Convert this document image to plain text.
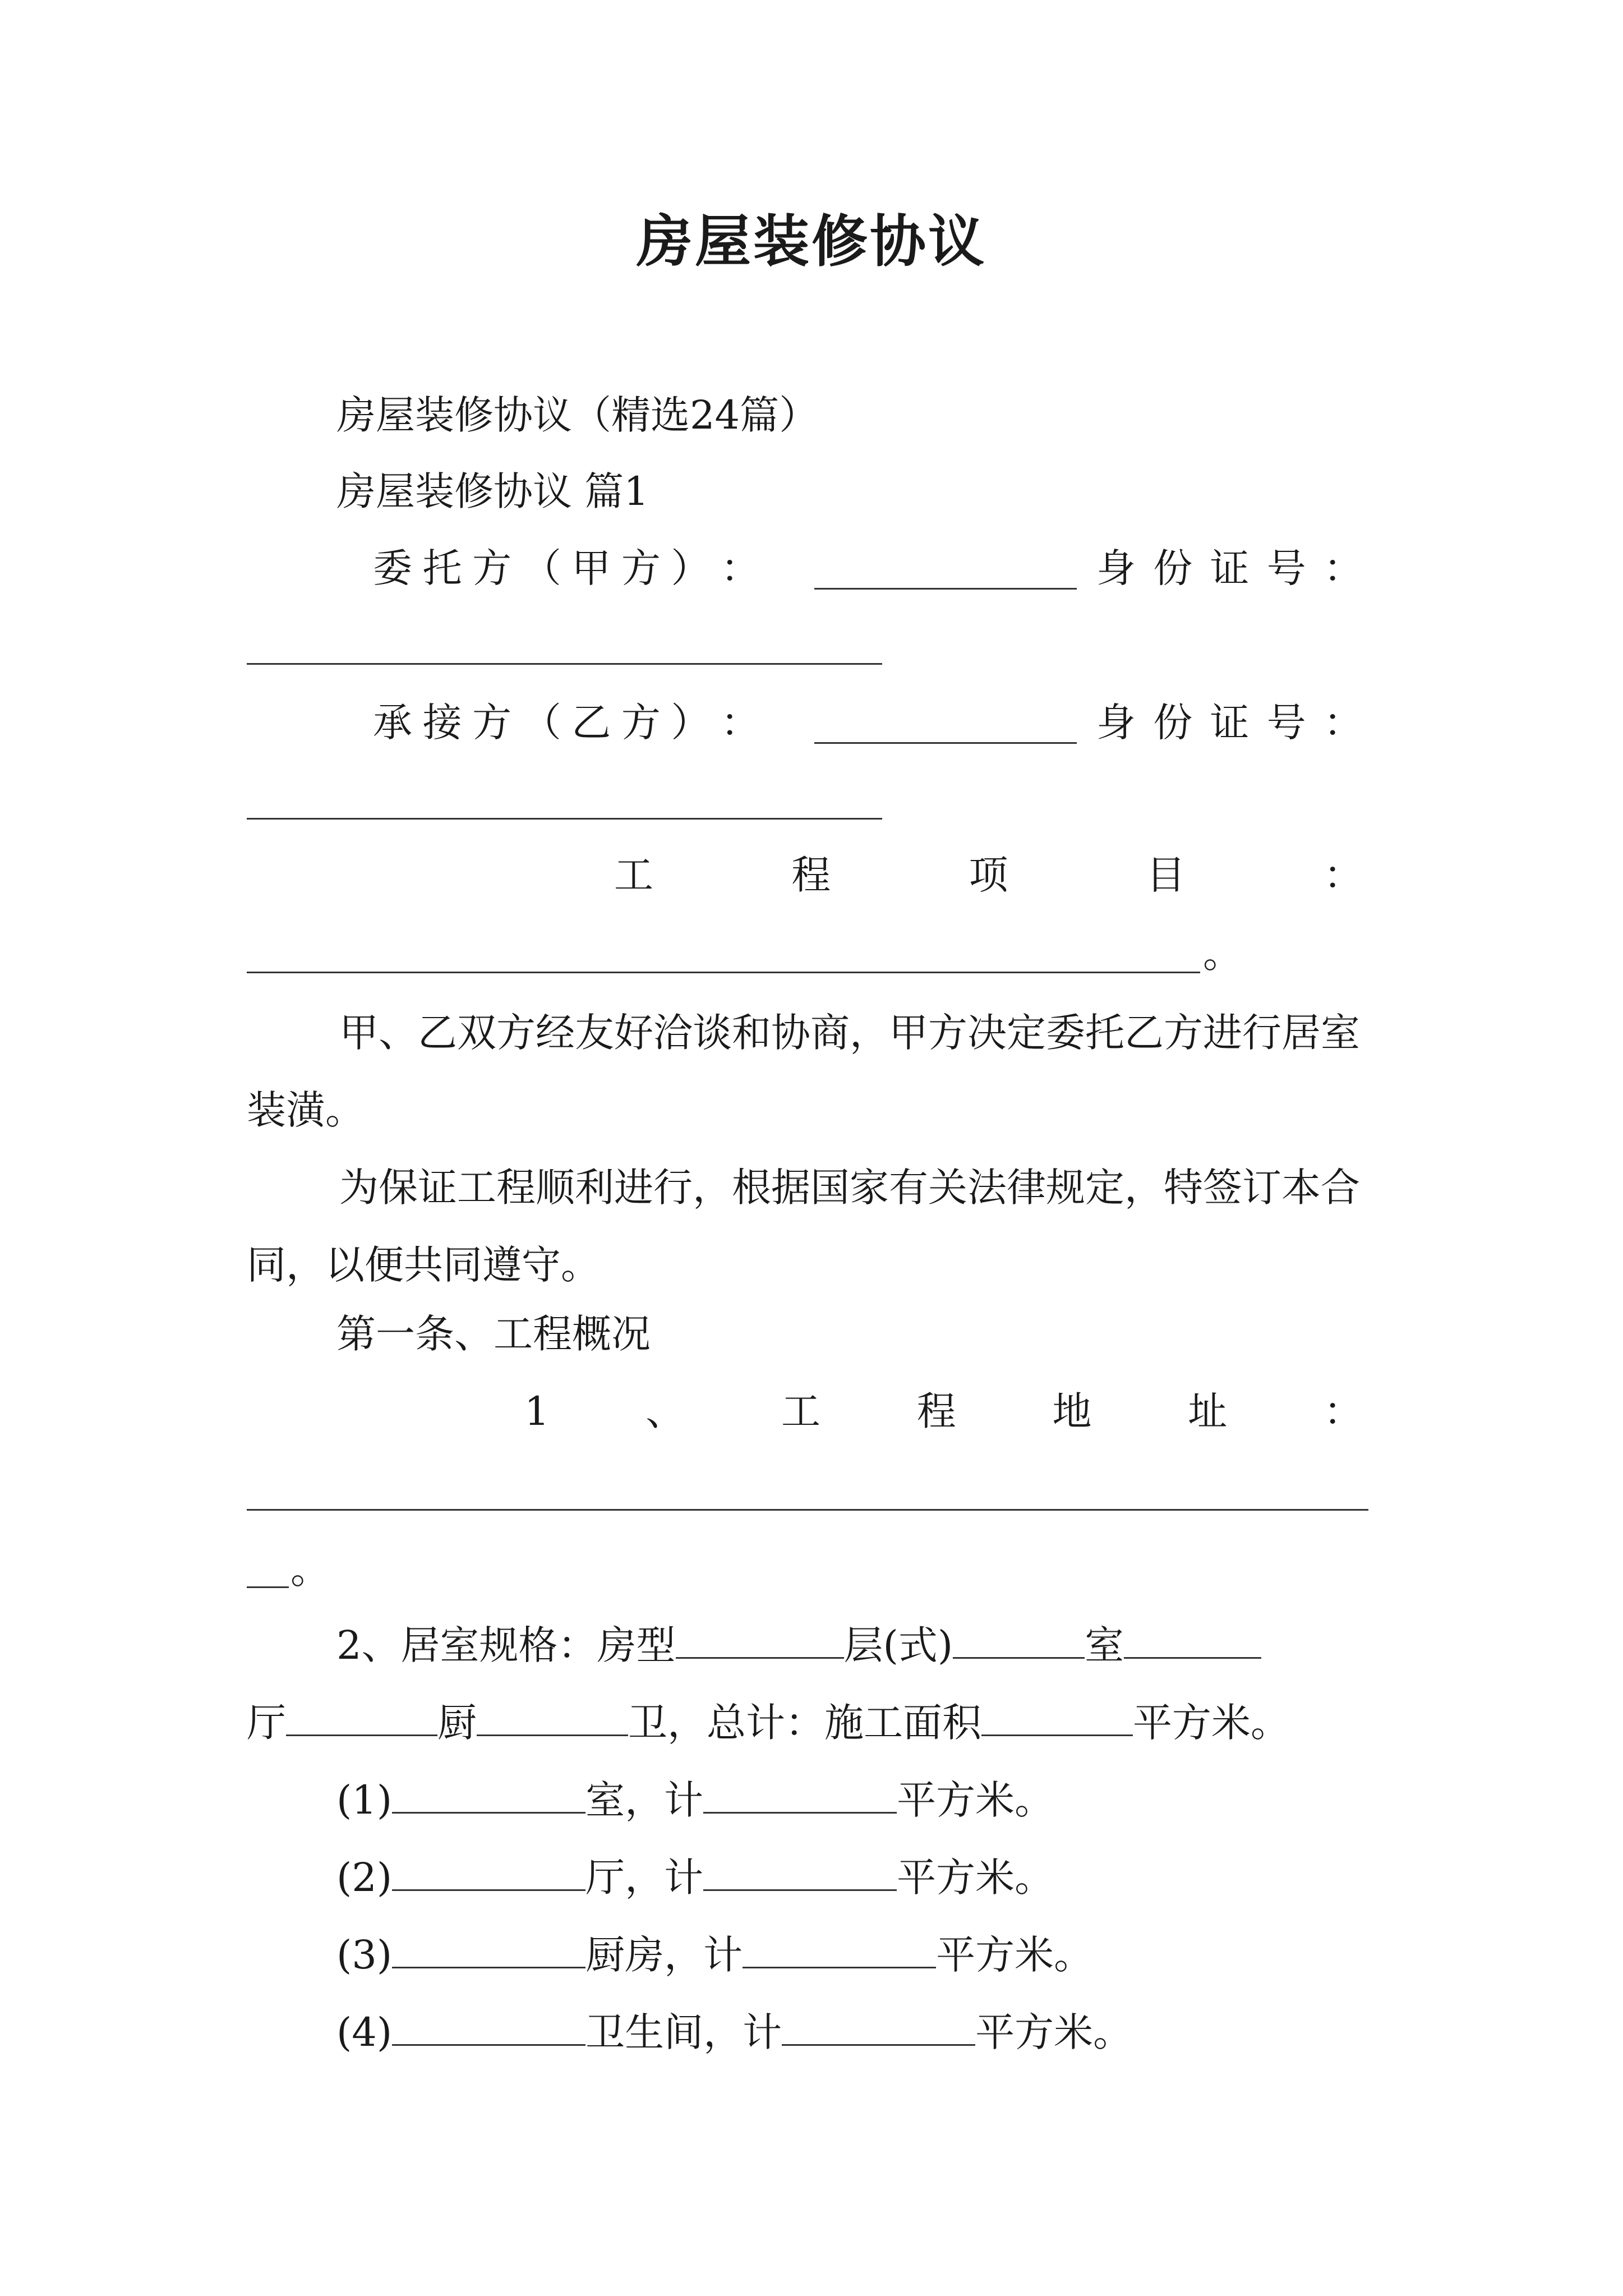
房屋装修协议
房屋装修协议（精选24篇）
房屋装修协议 篇1
委 托 方 （ 甲 方 ） ：	身 份 证 号 ：
承 接 方 （ 乙 方 ） ：	身 份 证 号 ：
工	程	项	目	：
。
甲、乙双方经友好洽谈和协商，甲方决定委托乙方进行居室装潢。
为保证工程顺利进行，根据国家有关法律规定，特签订本合同，以便共同遵守。
第一条、工程概况
1 、 工 程 地 址 ：
。
2、居室规格：房型	层(式)	室
厅	厨	卫，总计：施工面积	平方米。
(1)	室，计	平方米。
(2)	厅，计	平方米。
(3)	厨房，计	平方米。
(4)	卫生间，计	平方米。
